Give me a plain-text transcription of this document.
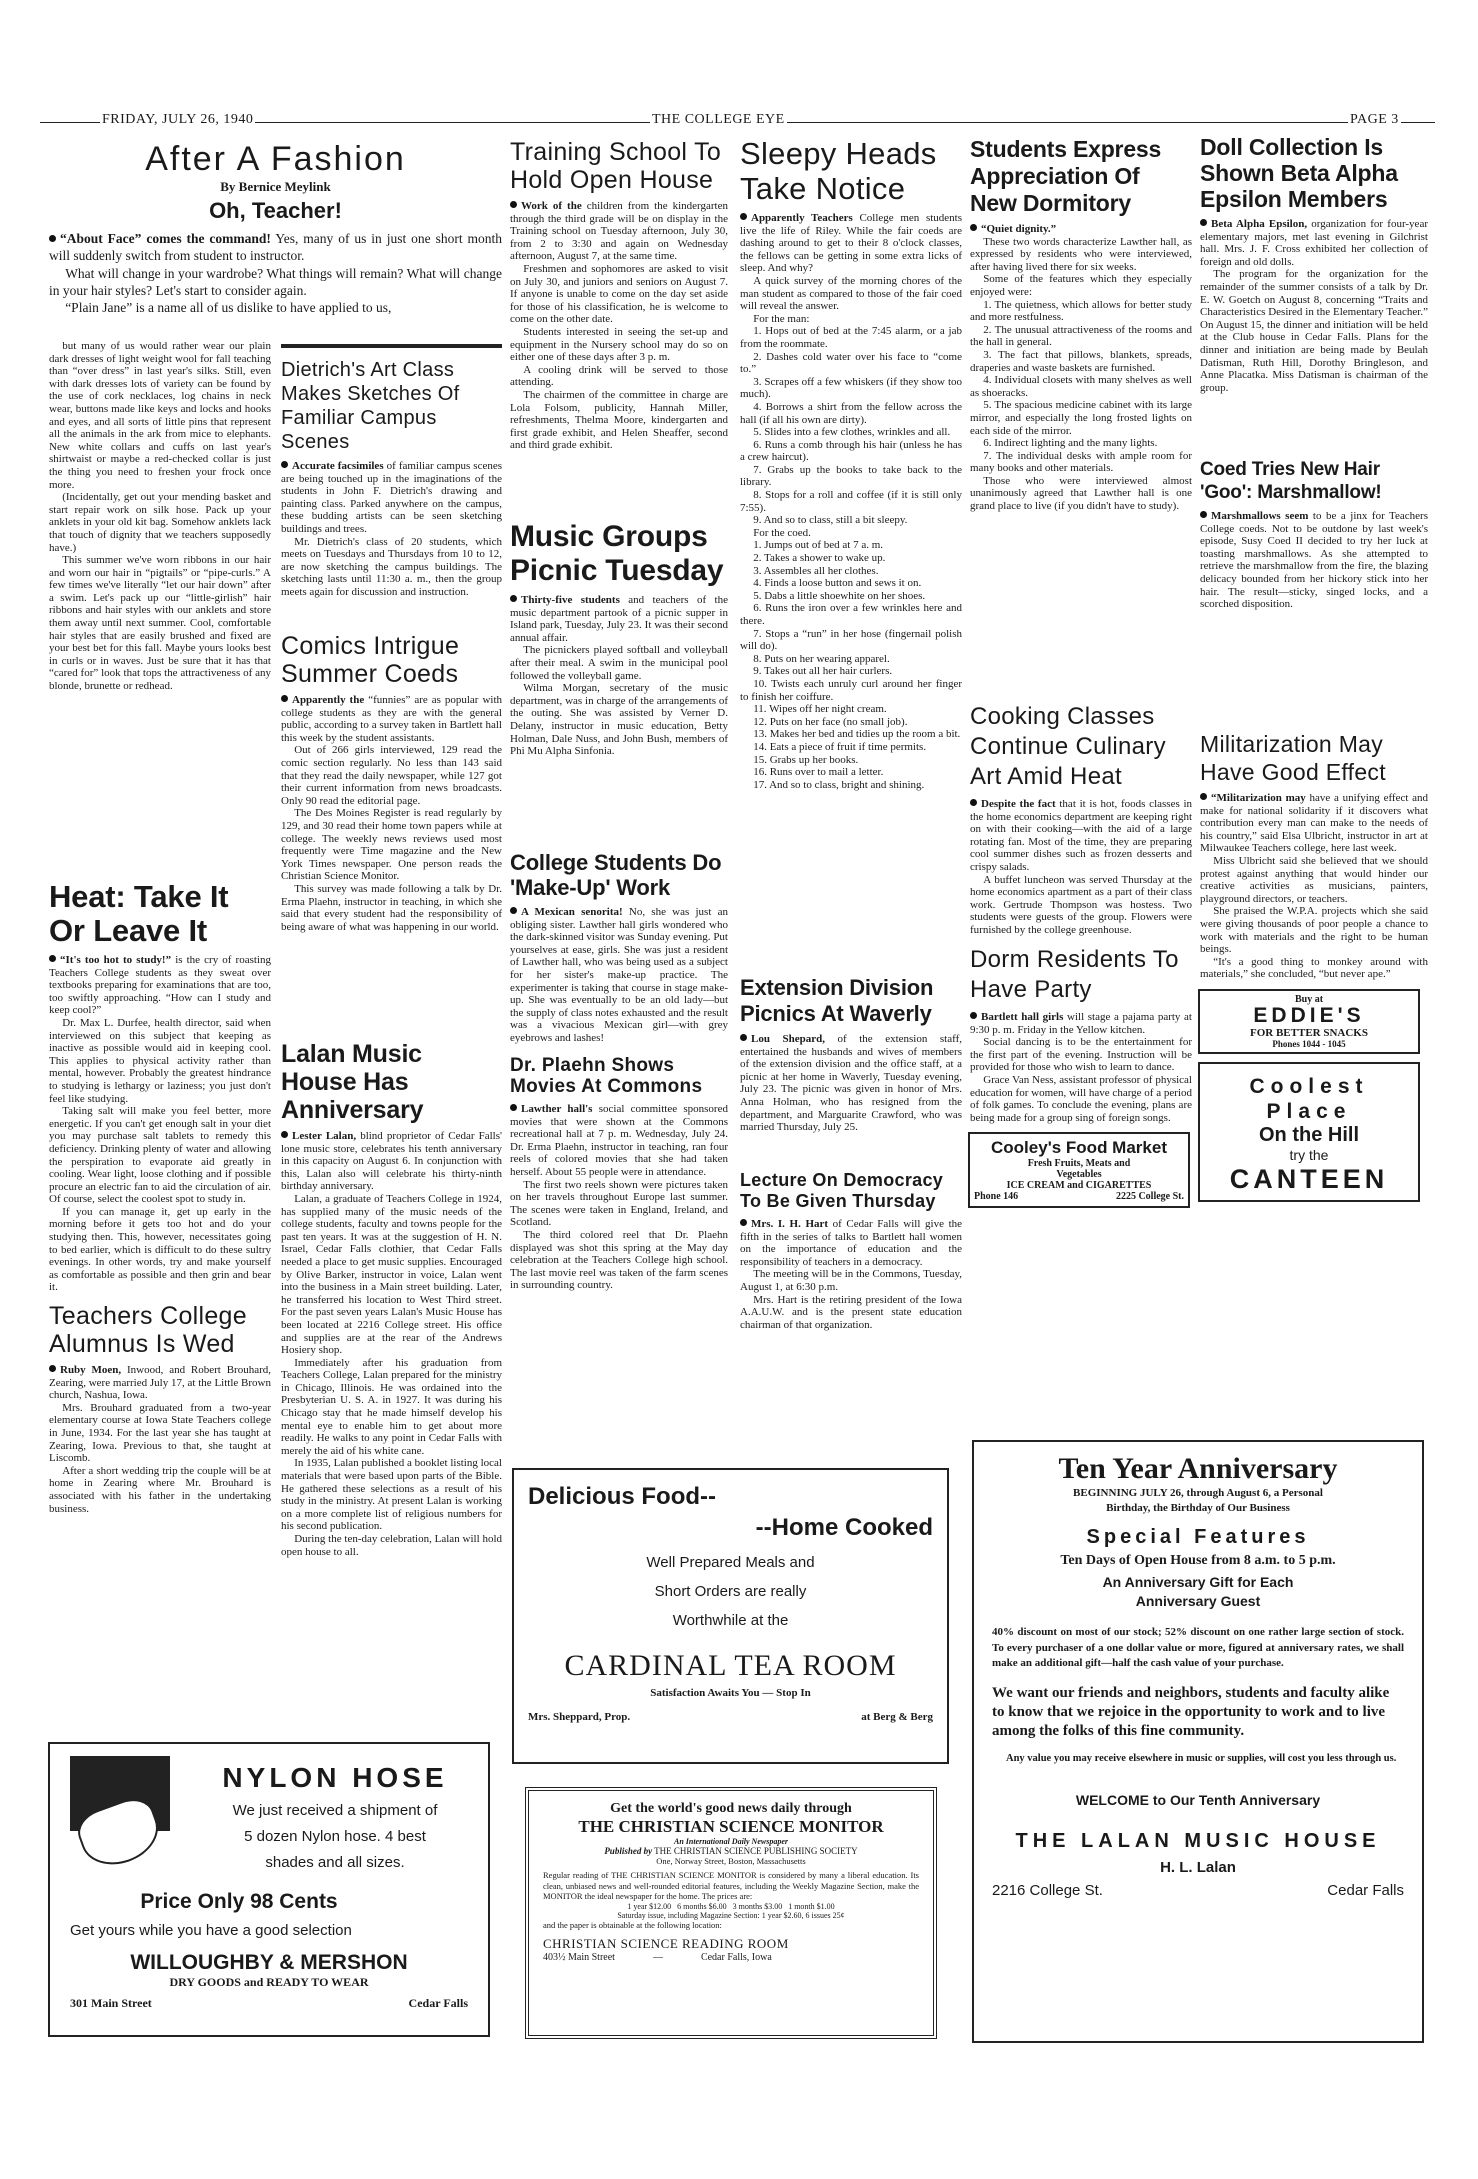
FRIDAY, JULY 26, 1940	THE COLLEGE EYE	PAGE 3
After A Fashion
By Bernice Meylink
Oh, Teacher!

“About Face” comes the command! Yes, many of us in just one short month will suddenly switch from student to instructor.

What will change in your wardrobe? What things will remain? What will change in your hair styles? Let's start to consider again.

“Plain Jane” is a name all of us dislike to have applied to us,

but many of us would rather wear our plain dark dresses of light weight wool for fall teaching than “over dress” in last year's silks. Still, even with dark dresses lots of variety can be found by the use of cork necklaces, log chains in neck wear, buttons made like keys and locks and hooks and eyes, and all sorts of little pins that represent all the animals in the ark from mice to elephants. New white collars and cuffs on last year's shirtwaist or maybe a red-checked collar is just the thing you need to freshen your frock once more.

(Incidentally, get out your mending basket and start repair work on silk hose. Pack up your anklets in your old kit bag. Somehow anklets lack that touch of dignity that we teachers supposedly have.)

This summer we've worn ribbons in our hair and worn our hair in “pigtails” or “pipe-curls.” A few times we've literally “let our hair down” after a swim. Let's pack up our “little-girlish” hair ribbons and hair styles with our anklets and store them away until next summer. Cool, comfortable hair styles that are easily brushed and fixed are your best bet for this fall. Maybe yours looks best in curls or in waves. Just be sure that it has that “cared for” look that tops the attractiveness of any blonde, brunette or redhead.

Heat: Take It Or Leave It

“It's too hot to study!” is the cry of roasting Teachers College students as they sweat over textbooks preparing for examinations that are too, too swiftly approaching. “How can I study and keep cool?”

Dr. Max L. Durfee, health director, said when interviewed on this subject that keeping as inactive as possible would aid in keeping cool. This applies to physical activity rather than mental, however. Probably the greatest hindrance to studying is lethargy or laziness; you just don't feel like studying.

Taking salt will make you feel better, more energetic. If you can't get enough salt in your diet you may purchase salt tablets to remedy this deficiency. Drinking plenty of water and allowing the perspiration to evaporate aid greatly in cooling. Wear light, loose clothing and if possible procure an electric fan to aid the circulation of air. Of course, select the coolest spot to study in.

If you can manage it, get up early in the morning before it gets too hot and do your studying then. This, however, necessitates going to bed earlier, which is difficult to do these sultry evenings. In other words, try and make yourself as comfortable as possible and then grin and bear it.

Teachers College Alumnus Is Wed

Ruby Moen, Inwood, and Robert Brouhard, Zearing, were married July 17, at the Little Brown church, Nashua, Iowa.

Mrs. Brouhard graduated from a two-year elementary course at Iowa State Teachers college in June, 1934. For the last year she has taught at Zearing, Iowa. Previous to that, she taught at Liscomb.

After a short wedding trip the couple will be at home in Zearing where Mr. Brouhard is associated with his father in the undertaking business.

Dietrich's Art Class Makes Sketches Of Familiar Campus Scenes

Accurate facsimiles of familiar campus scenes are being touched up in the imaginations of the students in John F. Dietrich's drawing and painting class. Parked anywhere on the campus, these budding artists can be seen sketching buildings and trees.

Mr. Dietrich's class of 20 students, which meets on Tuesdays and Thursdays from 10 to 12, are now sketching the campus buildings. The sketching lasts until 11:30 a. m., then the group meets again for discussion and instruction.

Comics Intrigue Summer Coeds

Apparently the “funnies” are as popular with college students as they are with the general public, according to a survey taken in Bartlett hall this week by the student assistants.

Out of 266 girls interviewed, 129 read the comic section regularly. No less than 143 said that they read the daily newspaper, while 127 got their current information from news broadcasts. Only 90 read the editorial page.

The Des Moines Register is read regularly by 129, and 30 read their home town papers while at college. The weekly news reviews used most frequently were Time magazine and the New York Times newspaper. One person reads the Christian Science Monitor.

This survey was made following a talk by Dr. Erma Plaehn, instructor in teaching, in which she said that every student had the responsibility of being aware of what was happening in our world.

Lalan Music House Has Anniversary

Lester Lalan, blind proprietor of Cedar Falls' lone music store, celebrates his tenth anniversary in this capacity on August 6. In conjunction with this, Lalan also will celebrate his thirty-ninth birthday anniversary.

Lalan, a graduate of Teachers College in 1924, has supplied many of the music needs of the college students, faculty and towns people for the past ten years. It was at the suggestion of H. N. Israel, Cedar Falls clothier, that Cedar Falls needed a place to get music supplies. Encouraged by Olive Barker, instructor in voice, Lalan went into the business in a Main street building. Later, he transferred his location to West Third street. For the past seven years Lalan's Music House has been located at 2216 College street. His office and supplies are at the rear of the Andrews Hosiery shop.

Immediately after his graduation from Teachers College, Lalan prepared for the ministry in Chicago, Illinois. He was ordained into the Presbyterian U. S. A. in 1927. It was during his Chicago stay that he made himself develop his mental eye to enable him to get about more readily. He walks to any point in Cedar Falls with merely the aid of his white cane.

In 1935, Lalan published a booklet listing local materials that were based upon parts of the Bible. He gathered these selections as a result of his study in the ministry. At present Lalan is working on a more complete list of religious numbers for his second publication.

During the ten-day celebration, Lalan will hold open house to all.

Training School To Hold Open House

Work of the children from the kindergarten through the third grade will be on display in the Training school on Tuesday afternoon, July 30, from 2 to 3:30 and again on Wednesday afternoon, August 7, at the same time.

Freshmen and sophomores are asked to visit on July 30, and juniors and seniors on August 7. If anyone is unable to come on the day set aside for those of his classification, he is welcome to come on the other date.

Students interested in seeing the set-up and equipment in the Nursery school may do so on either one of these days after 3 p. m.

A cooling drink will be served to those attending.

The chairmen of the committee in charge are Lola Folsom, publicity, Hannah Miller, refreshments, Thelma Moore, kindergarten and first grade exhibit, and Helen Sheaffer, second and third grade exhibit.

Music Groups Picnic Tuesday

Thirty-five students and teachers of the music department partook of a picnic supper in Island park, Tuesday, July 23. It was their second annual affair.

The picnickers played softball and volleyball after their meal. A swim in the municipal pool followed the volleyball game.

Wilma Morgan, secretary of the music department, was in charge of the arrangements of the outing. She was assisted by Verner D. Delany, instructor in music education, Betty Holman, Dale Nuss, and John Bush, members of Phi Mu Alpha Sinfonia.

College Students Do 'Make-Up' Work

A Mexican senorita! No, she was just an obliging sister. Lawther hall girls wondered who the dark-skinned visitor was Sunday evening. Put yourselves at ease, girls. She was just a resident of Lawther hall, who was being used as a subject for her sister's make-up practice. The experimenter is taking that course in stage make-up. She was eventually to be an old lady—but the supply of class notes exhausted and the result was a vivacious Mexican girl—with grey eyebrows and lashes!

Dr. Plaehn Shows Movies At Commons

Lawther hall's social committee sponsored movies that were shown at the Commons recreational hall at 7 p. m. Wednesday, July 24. Dr. Erma Plaehn, instructor in teaching, ran four reels of colored movies that she had taken herself. About 55 people were in attendance.

The first two reels shown were pictures taken on her travels throughout Europe last summer. The scenes were taken in England, Ireland, and Scotland.

The third colored reel that Dr. Plaehn displayed was shot this spring at the May day celebration at the Teachers College high school. The last movie reel was taken of the farm scenes in surrounding country.

Sleepy Heads Take Notice

Apparently Teachers College men students live the life of Riley. While the fair coeds are dashing around to get to their 8 o'clock classes, the fellows can be getting in some extra licks of sleep. And why?

A quick survey of the morning chores of the man student as compared to those of the fair coed will reveal the answer.

For the man:

1. Hops out of bed at the 7:45 alarm, or a jab from the roommate.

2. Dashes cold water over his face to “come to.”

3. Scrapes off a few whiskers (if they show too much).

4. Borrows a shirt from the fellow across the hall (if all his own are dirty).

5. Slides into a few clothes, wrinkles and all.

6. Runs a comb through his hair (unless he has a crew haircut).

7. Grabs up the books to take back to the library.

8. Stops for a roll and coffee (if it is still only 7:55).

9. And so to class, still a bit sleepy.

For the coed.

1. Jumps out of bed at 7 a. m.

2. Takes a shower to wake up.

3. Assembles all her clothes.

4. Finds a loose button and sews it on.

5. Dabs a little shoewhite on her shoes.

6. Runs the iron over a few wrinkles here and there.

7. Stops a “run” in her hose (fingernail polish will do).

8. Puts on her wearing apparel.

9. Takes out all her hair curlers.

10. Twists each unruly curl around her finger to finish her coiffure.

11. Wipes off her night cream.

12. Puts on her face (no small job).

13. Makes her bed and tidies up the room a bit.

14. Eats a piece of fruit if time permits.

15. Grabs up her books.

16. Runs over to mail a letter.

17. And so to class, bright and shining.

Extension Division Picnics At Waverly

Lou Shepard, of the extension staff, entertained the husbands and wives of members of the extension division and the office staff, at a picnic at her home in Waverly, Tuesday evening, July 23. The picnic was given in honor of Mrs. Anna Holman, who has resigned from the department, and Marguarite Crawford, who was married Thursday, July 25.

Lecture On Democracy To Be Given Thursday

Mrs. I. H. Hart of Cedar Falls will give the fifth in the series of talks to Bartlett hall women on the importance of education and the responsibility of teachers in a democracy.

The meeting will be in the Commons, Tuesday, August 1, at 6:30 p.m.

Mrs. Hart is the retiring president of the Iowa A.A.U.W. and is the present state education chairman of that organization.

Students Express Appreciation Of New Dormitory

“Quiet dignity.”

These two words characterize Lawther hall, as expressed by residents who were interviewed, after having lived there for six weeks.

Some of the features which they especially enjoyed were:

1. The quietness, which allows for better study and more restfulness.

2. The unusual attractiveness of the rooms and the hall in general.

3. The fact that pillows, blankets, spreads, draperies and waste baskets are furnished.

4. Individual closets with many shelves as well as shoeracks.

5. The spacious medicine cabinet with its large mirror, and especially the long frosted lights on each side of the mirror.

6. Indirect lighting and the many lights.

7. The individual desks with ample room for many books and other materials.

Those who were interviewed almost unanimously agreed that Lawther hall is one grand place to live (if you didn't have to study).

Cooking Classes Continue Culinary Art Amid Heat

Despite the fact that it is hot, foods classes in the home economics department are keeping right on with their cooking—with the aid of a large rotating fan. Most of the time, they are preparing cool summer dishes such as frozen desserts and crispy salads.

A buffet luncheon was served Thursday at the home economics apartment as a part of their class work. Gertrude Thompson was hostess. Two students were guests of the group. Flowers were furnished by the college greenhouse.

Dorm Residents To Have Party

Bartlett hall girls will stage a pajama party at 9:30 p. m. Friday in the Yellow kitchen.

Social dancing is to be the entertainment for the first part of the evening. Instruction will be provided for those who wish to learn to dance.

Grace Van Ness, assistant professor of physical education for women, will have charge of a period of folk games. To conclude the evening, plans are being made for a group sing of foreign songs.

Doll Collection Is Shown Beta Alpha Epsilon Members

Beta Alpha Epsilon, organization for four-year elementary majors, met last evening in Gilchrist hall. Mrs. J. F. Cross exhibited her collection of foreign and old dolls.

The program for the organization for the remainder of the summer consists of a talk by Dr. E. W. Goetch on August 8, concerning “Traits and Characteristics Desired in the Elementary Teacher.” On August 15, the dinner and initiation will be held at the Club house in Cedar Falls. Plans for the dinner and initiation are being made by Beulah Datisman, Ruth Hill, Dorothy Bringleson, and Anne Placatka. Miss Datisman is chairman of the group.

Coed Tries New Hair 'Goo': Marshmallow!

Marshmallows seem to be a jinx for Teachers College coeds. Not to be outdone by last week's episode, Susy Coed II decided to try her luck at toasting marshmallows. As she attempted to retrieve the marshmallow from the fire, the blazing delicacy bounded from her hickory stick into her hair. The result—sticky, singed locks, and a scorched disposition.

Militarization May Have Good Effect

“Militarization may have a unifying effect and make for national solidarity if it discovers what contribution every man can make to the needs of his country,” said Elsa Ulbricht, instructor in art at Milwaukee Teachers college, here last week.

Miss Ulbricht said she believed that we should protest against anything that would hinder our creative activities as musicians, painters, playground directors, or teachers.

She praised the W.P.A. projects which she said were giving thousands of poor people a chance to work with materials and the right to be human beings.

“It's a good thing to monkey around with materials,” she concluded, “but never ape.”

Cooley's Food Market
Fresh Fruits, Meats and
Vegetables
ICE CREAM and CIGARETTES
Phone 146	2225 College St.
Buy at
EDDIE'S
FOR BETTER SNACKS
Phones 1044 - 1045
Coolest
Place
On the Hill
try the
CANTEEN
NYLON HOSE
We just received a shipment of
5 dozen Nylon hose. 4 best
shades and all sizes.
Price Only 98 Cents
Get yours while you have a good selection
WILLOUGHBY & MERSHON
DRY GOODS and READY TO WEAR
301 Main Street	Cedar Falls
Delicious Food--
--Home Cooked
Well Prepared Meals and
Short Orders are really
Worthwhile at the
CARDINAL TEA ROOM
Satisfaction Awaits You — Stop In
Mrs. Sheppard, Prop.	at Berg & Berg
Get the world's good news daily through
THE CHRISTIAN SCIENCE MONITOR
An International Daily Newspaper
Published by THE CHRISTIAN SCIENCE PUBLISHING SOCIETY
One, Norway Street, Boston, Massachusetts
Regular reading of THE CHRISTIAN SCIENCE MONITOR is considered by many a liberal education. Its clean, unbiased news and well-rounded editorial features, including the Weekly Magazine Section, make the MONITOR the ideal newspaper for the home. The prices are:
1 year $12.00   6 months $6.00   3 months $3.00   1 month $1.00
Saturday issue, including Magazine Section: 1 year $2.60, 6 issues 25¢
and the paper is obtainable at the following location:
CHRISTIAN SCIENCE READING ROOM
403½ Main Street	—	Cedar Falls, Iowa
Ten Year Anniversary
BEGINNING JULY 26, through August 6, a Personal
Birthday, the Birthday of Our Business
Special Features
Ten Days of Open House from 8 a.m. to 5 p.m.
An Anniversary Gift for Each
Anniversary Guest
40% discount on most of our stock; 52% discount on one rather large section of stock. To every purchaser of a one dollar value or more, figured at anniversary rates, we shall make an additional gift—half the cash value of your purchase.
We want our friends and neighbors, students and faculty alike to know that we rejoice in the opportunity to work and to live among the folks of this fine community.
Any value you may receive elsewhere in music or supplies, will cost you less through us.
WELCOME to Our Tenth Anniversary
THE LALAN MUSIC HOUSE
H. L. Lalan
2216 College St.	Cedar Falls
